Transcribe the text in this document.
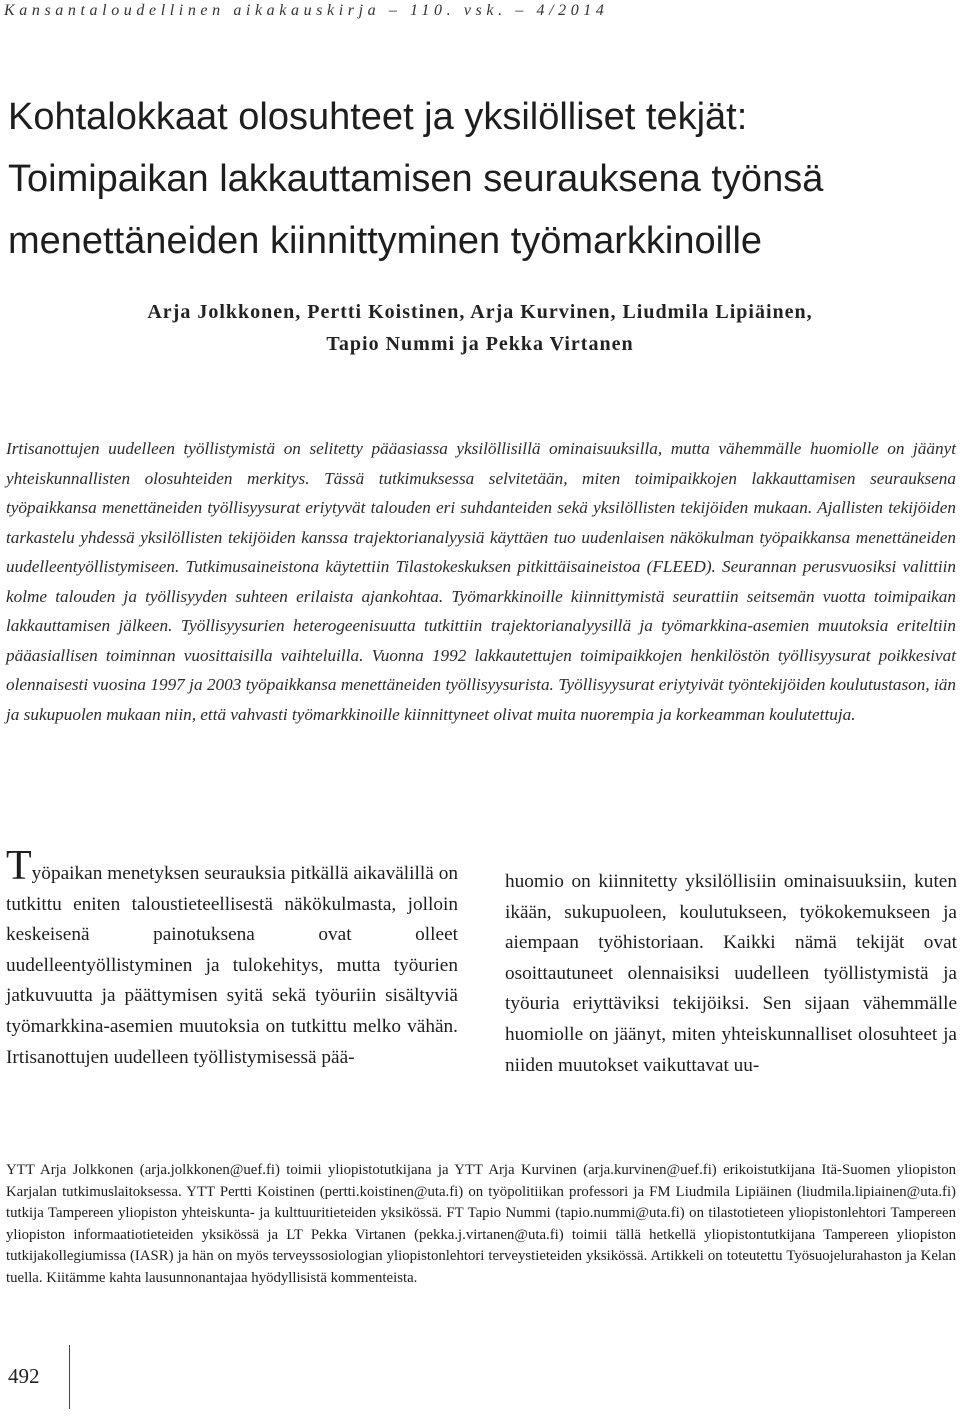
Kansantaloudellinen aikakauskirja – 110. vsk. – 4/2014
Kohtalokkaat olosuhteet ja yksilölliset tekjät:
Toimipaikan lakkauttamisen seurauksena työnsä
menettäneiden kiinnittyminen työmarkkinoille
Arja Jolkkonen, Pertti Koistinen, Arja Kurvinen, Liudmila Lipiäinen,
Tapio Nummi ja Pekka Virtanen

Irtisanottujen uudelleen työllistymistä on selitetty pääasiassa yksilöllisillä ominaisuuksilla, mutta vähemmälle huomiolle on jäänyt yhteiskunnallisten olosuhteiden merkitys. Tässä tutkimuksessa selvitetään, miten toimipaikkojen lakkauttamisen seurauksena työpaikkansa menettäneiden työllisyysurat eriytyvät talouden eri suhdanteiden sekä yksilöllisten tekijöiden mukaan. Ajallisten tekijöiden tarkastelu yhdessä yksilöllisten tekijöiden kanssa trajektorianalyysiä käyttäen tuo uudenlaisen näkökulman työpaikkansa menettäneiden uudelleentyöllistymiseen. Tutkimusaineistona käytettiin Tilastokeskuksen pitkittäisaineistoa (FLEED). Seurannan perusvuosiksi valittiin kolme talouden ja työllisyyden suhteen erilaista ajankohtaa. Työmarkkinoille kiinnittymistä seurattiin seitsemän vuotta toimipaikan lakkauttamisen jälkeen. Työllisyysurien heterogeenisuutta tutkittiin trajektorianalyysillä ja työmarkkina-asemien muutoksia eriteltiin pääasiallisen toiminnan vuosittaisilla vaihteluilla. Vuonna 1992 lakkautettujen toimipaikkojen henkilöstön työllisyysurat poikkesivat olennaisesti vuosina 1997 ja 2003 työpaikkansa menettäneiden työllisyysurista. Työllisyysurat eriytyivät työntekijöiden koulutustason, iän ja sukupuolen mukaan niin, että vahvasti työmarkkinoille kiinnittyneet olivat muita nuorempia ja korkeamman koulutettuja.

Työpaikan menetyksen seurauksia pitkällä aikavälillä on tutkittu eniten taloustieteellisestä näkökulmasta, jolloin keskeisenä painotuksena ovat olleet uudelleentyöllistyminen ja tulokehitys, mutta työurien jatkuvuutta ja päättymisen syitä sekä työuriin sisältyviä työmarkkina-asemien muutoksia on tutkittu melko vähän. Irtisanottujen uudelleen työllistymisessä pää-

huomio on kiinnitetty yksilöllisiin ominaisuuksiin, kuten ikään, sukupuoleen, koulutukseen, työkokemukseen ja aiempaan työhistoriaan. Kaikki nämä tekijät ovat osoittautuneet olennaisiksi uudelleen työllistymistä ja työuria eriyttäviksi tekijöiksi. Sen sijaan vähemmälle huomiolle on jäänyt, miten yhteiskunnalliset olosuhteet ja niiden muutokset vaikuttavat uu-

YTT Arja Jolkkonen (arja.jolkkonen@uef.fi) toimii yliopistotutkijana ja YTT Arja Kurvinen (arja.kurvinen@uef.fi) erikoistutkijana Itä-Suomen yliopiston Karjalan tutkimuslaitoksessa. YTT Pertti Koistinen (pertti.koistinen@uta.fi) on työpolitiikan professori ja FM Liudmila Lipiäinen (liudmila.lipiainen@uta.fi) tutkija Tampereen yliopiston yhteiskunta- ja kulttuuritieteiden yksikössä. FT Tapio Nummi (tapio.nummi@uta.fi) on tilastotieteen yliopistonlehtori Tampereen yliopiston informaatiotieteiden yksikössä ja LT Pekka Virtanen (pekka.j.virtanen@uta.fi) toimii tällä hetkellä yliopistontutkijana Tampereen yliopiston tutkijakollegiumissa (IASR) ja hän on myös terveyssosiologian yliopistonlehtori terveystieteiden yksikössä. Artikkeli on toteutettu Työsuojelurahaston ja Kelan tuella. Kiitämme kahta lausunnonantajaa hyödyllisistä kommenteista.

492
